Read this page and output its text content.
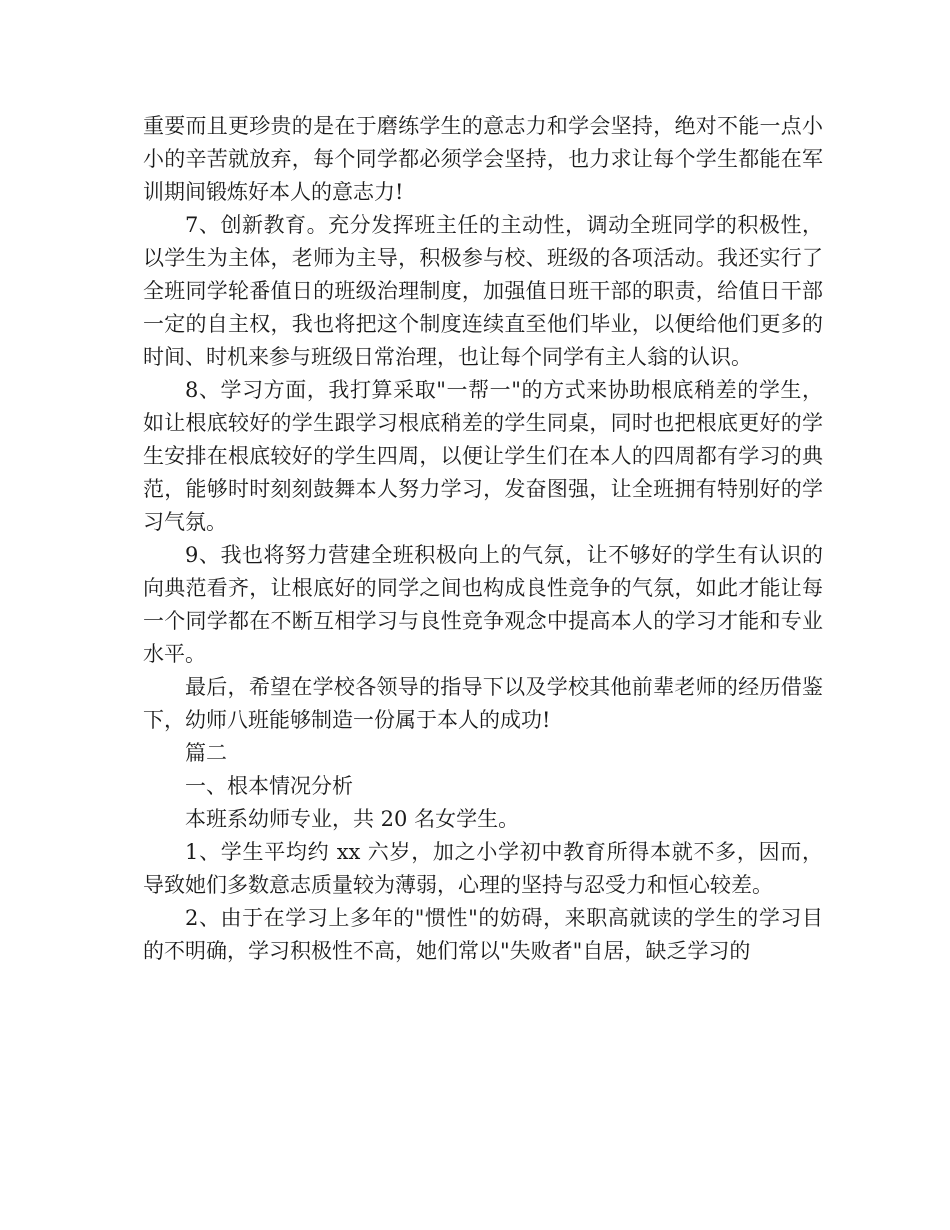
重要而且更珍贵的是在于磨练学生的意志力和学会坚持，绝对不能一点小小的辛苦就放弃，每个同学都必须学会坚持，也力求让每个学生都能在军训期间锻炼好本人的意志力!

7、创新教育。充分发挥班主任的主动性，调动全班同学的积极性，以学生为主体，老师为主导，积极参与校、班级的各项活动。我还实行了全班同学轮番值日的班级治理制度，加强值日班干部的职责，给值日干部一定的自主权，我也将把这个制度连续直至他们毕业，以便给他们更多的时间、时机来参与班级日常治理，也让每个同学有主人翁的认识。

8、学习方面，我打算采取"一帮一"的方式来协助根底稍差的学生，如让根底较好的学生跟学习根底稍差的学生同桌，同时也把根底更好的学生安排在根底较好的学生四周，以便让学生们在本人的四周都有学习的典范，能够时时刻刻鼓舞本人努力学习，发奋图强，让全班拥有特别好的学习气氛。

9、我也将努力营建全班积极向上的气氛，让不够好的学生有认识的向典范看齐，让根底好的同学之间也构成良性竞争的气氛，如此才能让每一个同学都在不断互相学习与良性竞争观念中提高本人的学习才能和专业水平。

最后，希望在学校各领导的指导下以及学校其他前辈老师的经历借鉴下，幼师八班能够制造一份属于本人的成功!

篇二

一、根本情况分析

本班系幼师专业，共 20 名女学生。

1、学生平均约 xx 六岁，加之小学初中教育所得本就不多，因而，导致她们多数意志质量较为薄弱，心理的坚持与忍受力和恒心较差。

2、由于在学习上多年的"惯性"的妨碍，来职高就读的学生的学习目的不明确，学习积极性不高，她们常以"失败者"自居，缺乏学习的
